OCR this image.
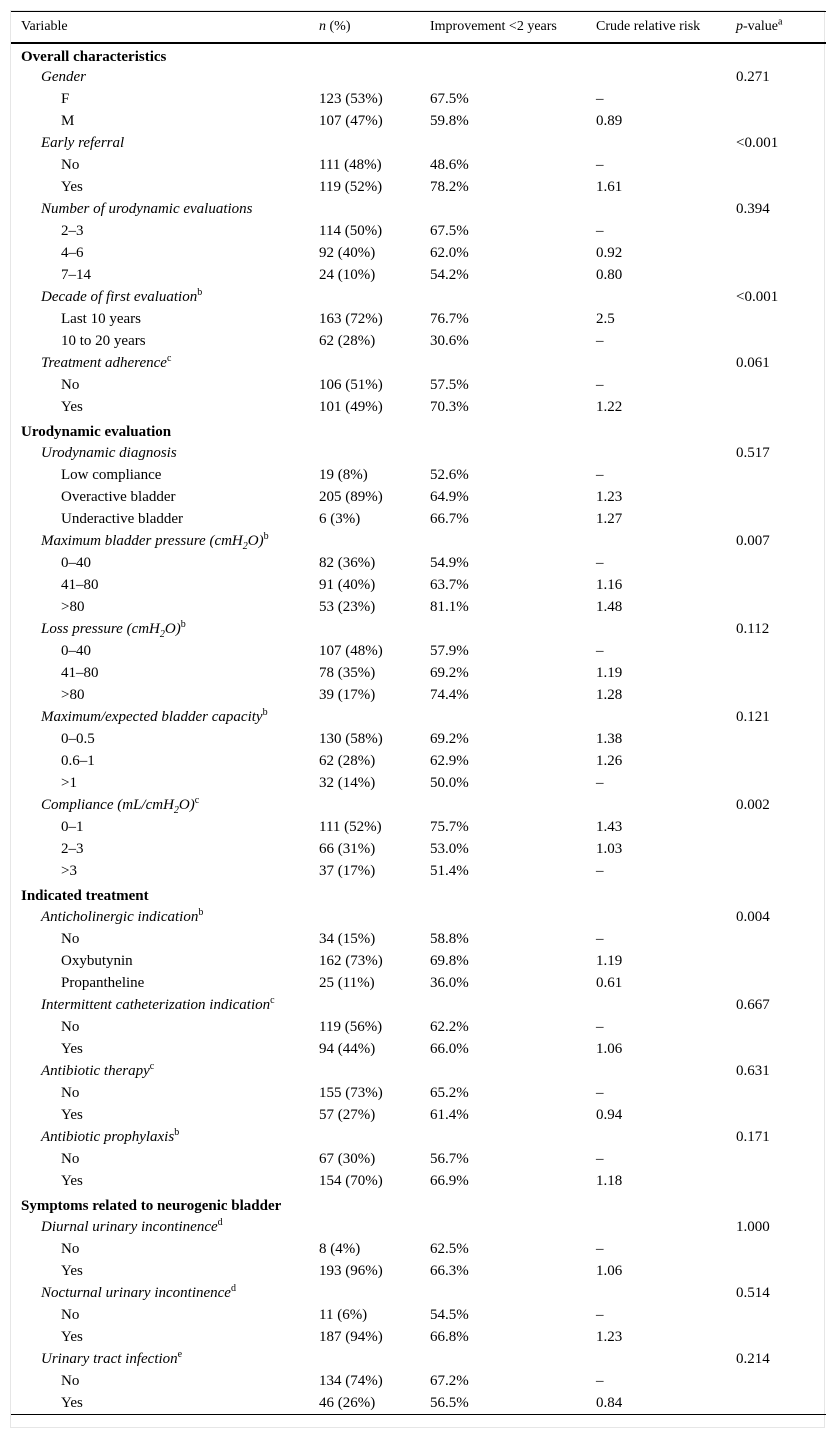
Variable	n (%)	Improvement <2 years	Crude relative risk	p-value$^a$
Overall characteristics				
Gender				0.271
F	123 (53%)	67.5%	–	
M	107 (47%)	59.8%	0.89	
Early referral				<0.001
No	111 (48%)	48.6%	–	
Yes	119 (52%)	78.2%	1.61	
Number of urodynamic evaluations				0.394
2–3	114 (50%)	67.5%	–	
4–6	92 (40%)	62.0%	0.92	
7–14	24 (10%)	54.2%	0.80	
Decade of first evaluation$^b$				<0.001
Last 10 years	163 (72%)	76.7%	2.5	
10 to 20 years	62 (28%)	30.6%	–	
Treatment adherence$^c$				0.061
No	106 (51%)	57.5%	–	
Yes	101 (49%)	70.3%	1.22	
Urodynamic evaluation				
Urodynamic diagnosis				0.517
Low compliance	19 (8%)	52.6%	–	
Overactive bladder	205 (89%)	64.9%	1.23	
Underactive bladder	6 (3%)	66.7%	1.27	
Maximum bladder pressure $(cmH_2O)^b$				0.007
0–40	82 (36%)	54.9%	–	
41–80	91 (40%)	63.7%	1.16	
>80	53 (23%)	81.1%	1.48	
Loss pressure $(cmH_2O)^b$				0.112
0–40	107 (48%)	57.9%	–	
41–80	78 (35%)	69.2%	1.19	
>80	39 (17%)	74.4%	1.28	
Maximum/expected bladder capacity$^b$				0.121
0–0.5	130 (58%)	69.2%	1.38	
0.6–1	62 (28%)	62.9%	1.26	
>1	32 (14%)	50.0%	–	
Compliance $(mL/cmH_2O)^c$				0.002
0–1	111 (52%)	75.7%	1.43	
2–3	66 (31%)	53.0%	1.03	
>3	37 (17%)	51.4%	–	
Indicated treatment				
Anticholinergic indication$^b$				0.004
No	34 (15%)	58.8%	–	
Oxybutynin	162 (73%)	69.8%	1.19	
Propantheline	25 (11%)	36.0%	0.61	
Intermittent catheterization indication$^c$				0.667
No	119 (56%)	62.2%	–	
Yes	94 (44%)	66.0%	1.06	
Antibiotic therapy$^c$				0.631
No	155 (73%)	65.2%	–	
Yes	57 (27%)	61.4%	0.94	
Antibiotic prophylaxis$^b$				0.171
No	67 (30%)	56.7%	–	
Yes	154 (70%)	66.9%	1.18	
Symptoms related to neurogenic bladder				
Diurnal urinary incontinence$^d$				1.000
No	8 (4%)	62.5%	–	
Yes	193 (96%)	66.3%	1.06	
Nocturnal urinary incontinence$^d$				0.514
No	11 (6%)	54.5%	–	
Yes	187 (94%)	66.8%	1.23	
Urinary tract infection$^e$				0.214
No	134 (74%)	67.2%	–	
Yes	46 (26%)	56.5%	0.84	
